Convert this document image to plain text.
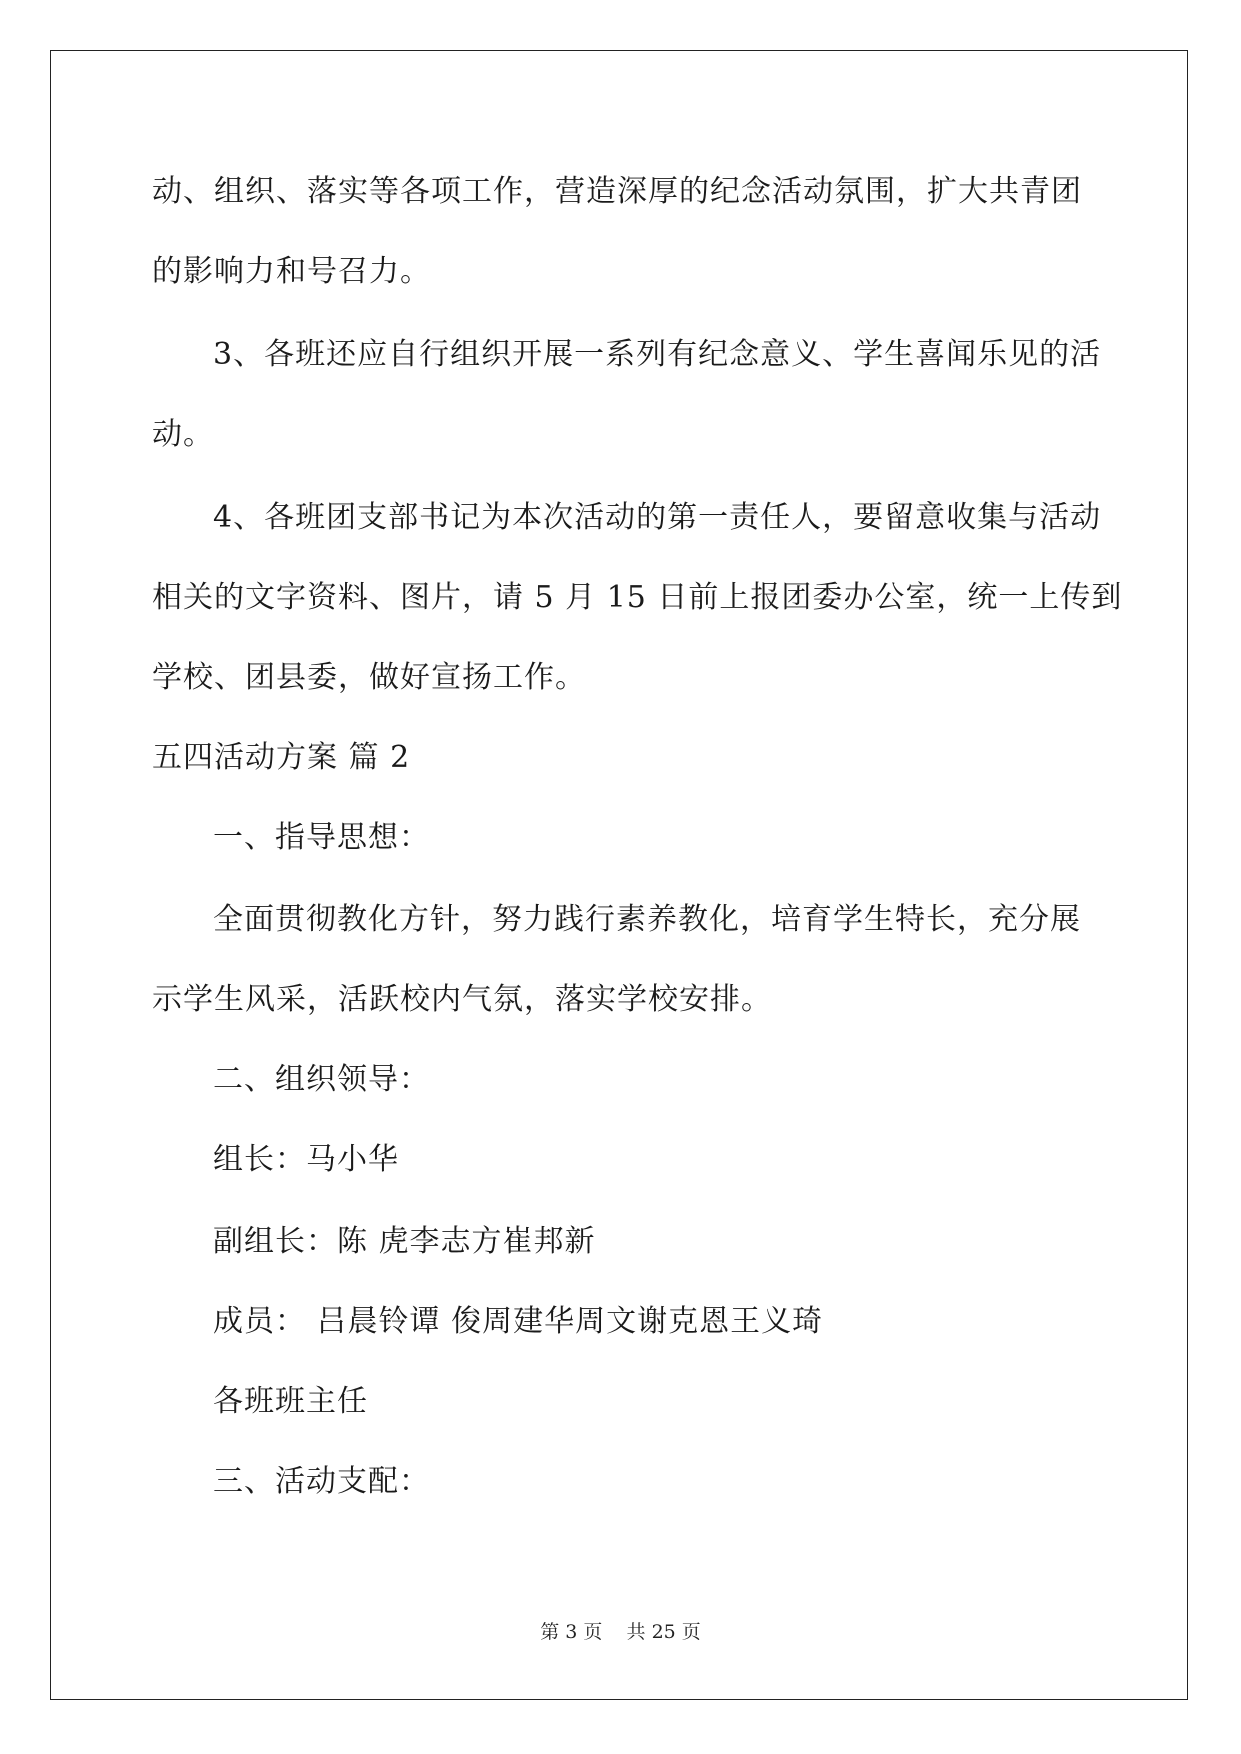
动、组织、落实等各项工作，营造深厚的纪念活动氛围，扩大共青团
的影响力和号召力。
3、各班还应自行组织开展一系列有纪念意义、学生喜闻乐见的活
动。
4、各班团支部书记为本次活动的第一责任人，要留意收集与活动
相关的文字资料、图片，请 5 月 15 日前上报团委办公室，统一上传到
学校、团县委，做好宣扬工作。
五四活动方案 篇 2
一、指导思想：
全面贯彻教化方针，努力践行素养教化，培育学生特长，充分展
示学生风采，活跃校内气氛，落实学校安排。
二、组织领导：
组长：马小华
副组长：陈 虎李志方崔邦新
成员： 吕晨铃谭 俊周建华周文谢克恩王义琦
各班班主任
三、活动支配：
第 3 页 共 25 页
